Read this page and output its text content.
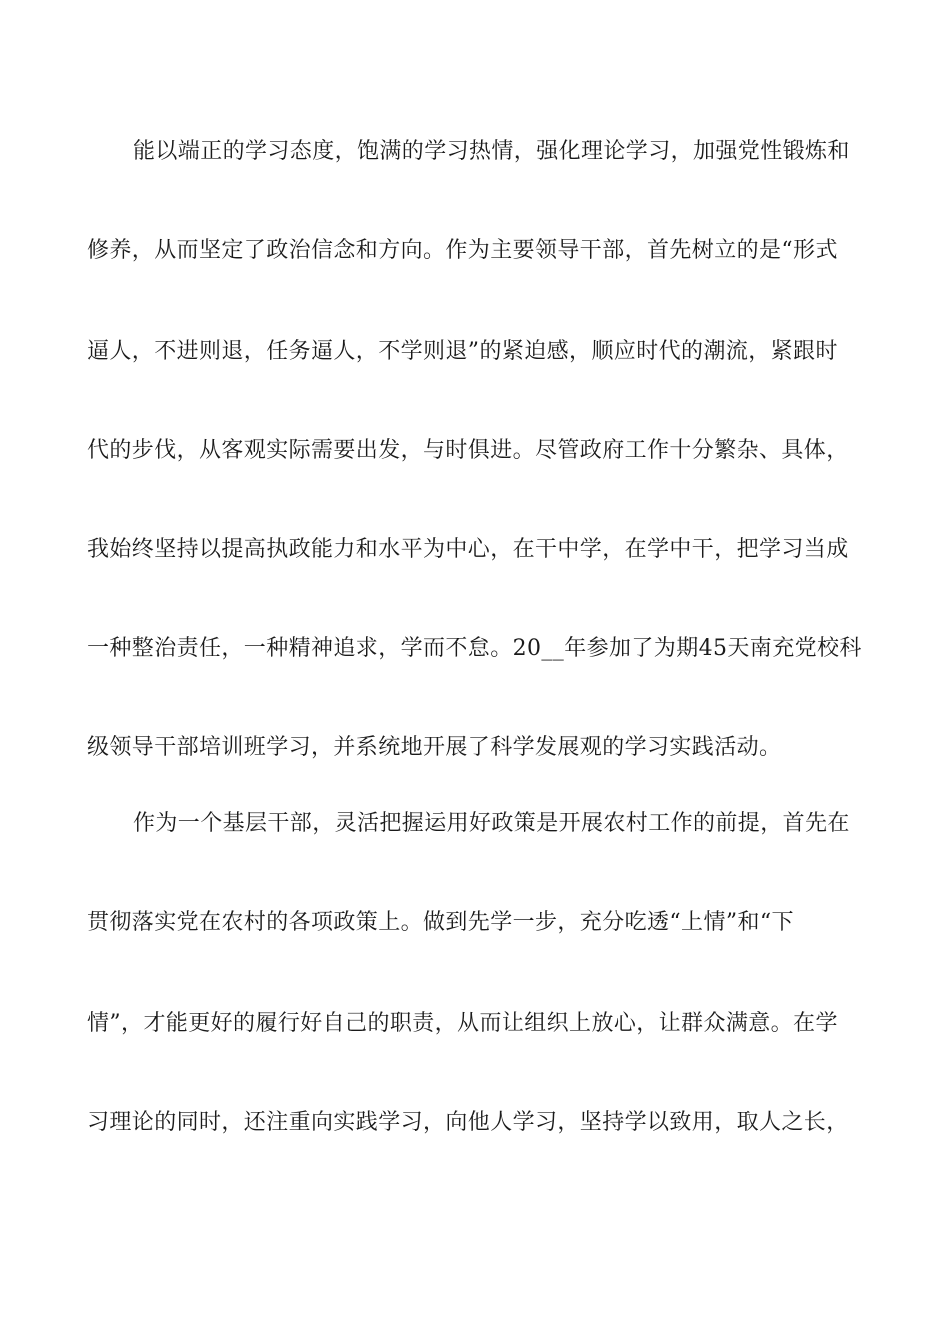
能以端正的学习态度，饱满的学习热情，强化理论学习，加强党性锻炼和
修养，从而坚定了政治信念和方向。作为主要领导干部，首先树立的是“形式
逼人，不进则退，任务逼人，不学则退”的紧迫感，顺应时代的潮流，紧跟时
代的步伐，从客观实际需要出发，与时俱进。尽管政府工作十分繁杂、具体，
我始终坚持以提高执政能力和水平为中心，在干中学，在学中干，把学习当成
一种整治责任，一种精神追求，学而不怠。20__年参加了为期45天南充党校科
级领导干部培训班学习，并系统地开展了科学发展观的学习实践活动。
作为一个基层干部，灵活把握运用好政策是开展农村工作的前提，首先在
贯彻落实党在农村的各项政策上。做到先学一步，充分吃透“上情”和“下
情”，才能更好的履行好自己的职责，从而让组织上放心，让群众满意。在学
习理论的同时，还注重向实践学习，向他人学习，坚持学以致用，取人之长，
